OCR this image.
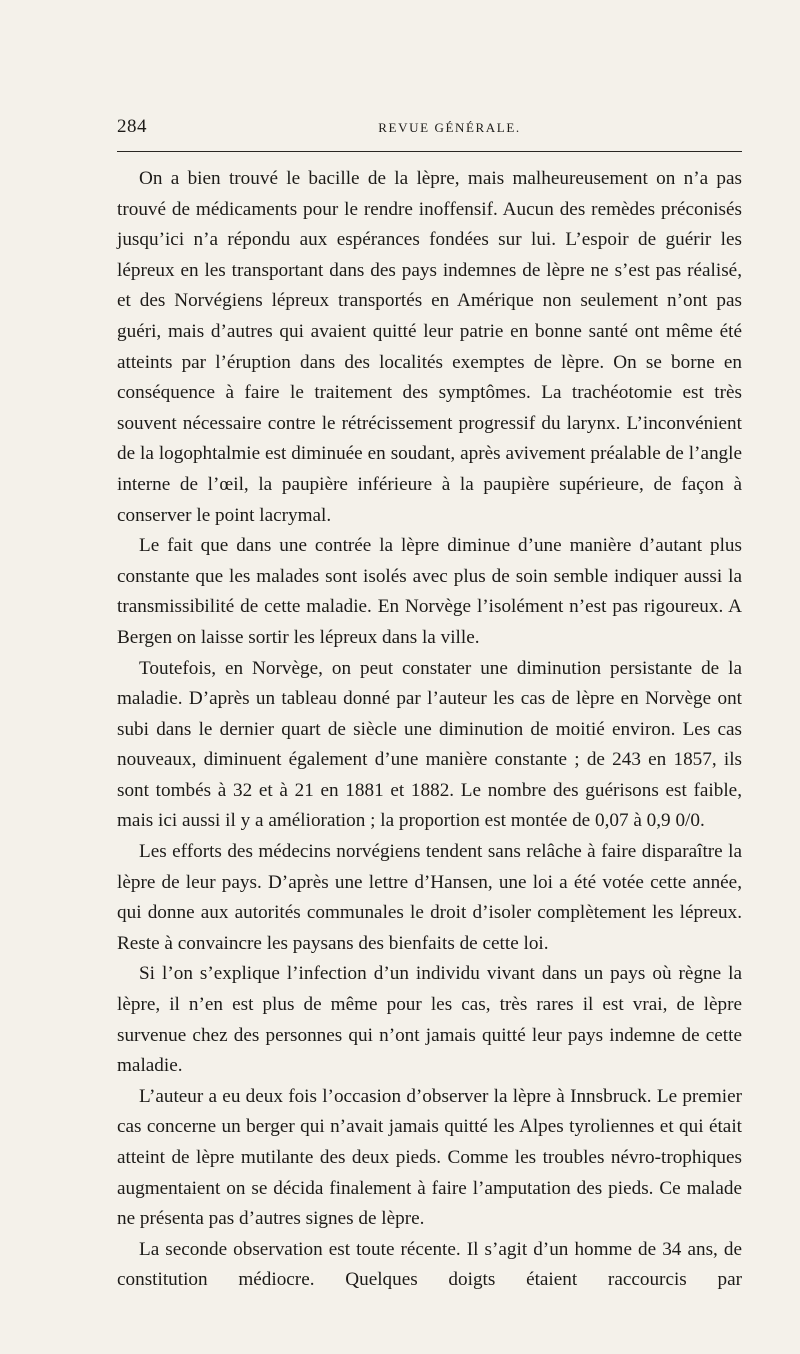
284	REVUE GÉNÉRALE.

On a bien trouvé le bacille de la lèpre, mais malheureusement on n’a pas trouvé de médicaments pour le rendre inoffensif. Aucun des remèdes préconisés jusqu’ici n’a répondu aux espérances fondées sur lui. L’espoir de guérir les lépreux en les transportant dans des pays indemnes de lèpre ne s’est pas réalisé, et des Norvégiens lépreux transportés en Amérique non seulement n’ont pas guéri, mais d’autres qui avaient quitté leur patrie en bonne santé ont même été atteints par l’éruption dans des localités exemptes de lèpre. On se borne en conséquence à faire le traitement des symptômes. La trachéotomie est très souvent nécessaire contre le rétrécissement progressif du larynx. L’inconvénient de la logophtalmie est diminuée en soudant, après avivement préalable de l’angle interne de l’œil, la paupière inférieure à la paupière supérieure, de façon à conserver le point lacrymal.

Le fait que dans une contrée la lèpre diminue d’une manière d’autant plus constante que les malades sont isolés avec plus de soin semble indiquer aussi la transmissibilité de cette maladie. En Norvège l’isolément n’est pas rigoureux. A Bergen on laisse sortir les lépreux dans la ville.

Toutefois, en Norvège, on peut constater une diminution persistante de la maladie. D’après un tableau donné par l’auteur les cas de lèpre en Norvège ont subi dans le dernier quart de siècle une diminution de moitié environ. Les cas nouveaux, diminuent également d’une manière constante ; de 243 en 1857, ils sont tombés à 32 et à 21 en 1881 et 1882. Le nombre des guérisons est faible, mais ici aussi il y a amélioration ; la proportion est montée de 0,07 à 0,9 0/0.

Les efforts des médecins norvégiens tendent sans relâche à faire disparaître la lèpre de leur pays. D’après une lettre d’Hansen, une loi a été votée cette année, qui donne aux autorités communales le droit d’isoler complètement les lépreux. Reste à convaincre les paysans des bienfaits de cette loi.

Si l’on s’explique l’infection d’un individu vivant dans un pays où règne la lèpre, il n’en est plus de même pour les cas, très rares il est vrai, de lèpre survenue chez des personnes qui n’ont jamais quitté leur pays indemne de cette maladie.

L’auteur a eu deux fois l’occasion d’observer la lèpre à Innsbruck. Le premier cas concerne un berger qui n’avait jamais quitté les Alpes tyroliennes et qui était atteint de lèpre mutilante des deux pieds. Comme les troubles névro-trophiques augmentaient on se décida finalement à faire l’amputation des pieds. Ce malade ne présenta pas d’autres signes de lèpre.

La seconde observation est toute récente. Il s’agit d’un homme de 34 ans, de constitution médiocre. Quelques doigts étaient raccourcis par
